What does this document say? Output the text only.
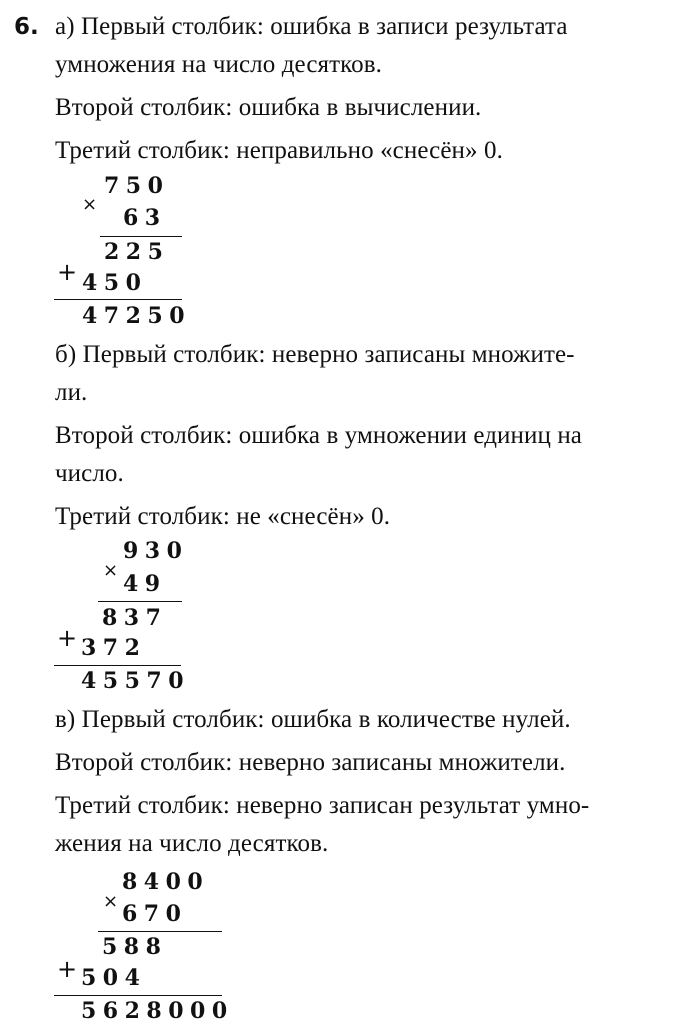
6. а) Первый столбик: ошибка в записи результата
умножения на число десятков.
Второй столбик: ошибка в вычислении.
Третий столбик: неправильно «снесён» 0.
750
×
63
225
+ 450
47250
б) Первый столбик: неверно записаны множите-
ли.
Второй столбик: ошибка в умножении единиц на
число.
Третий столбик: не «снесён» 0.
930
×
49
837
+ 372
45570
в) Первый столбик: ошибка в количестве нулей.
Второй столбик: неверно записаны множители.
Третий столбик: неверно записан результат умно-
жения на число десятков.
8400
× 670
588
+ 504
5628000
